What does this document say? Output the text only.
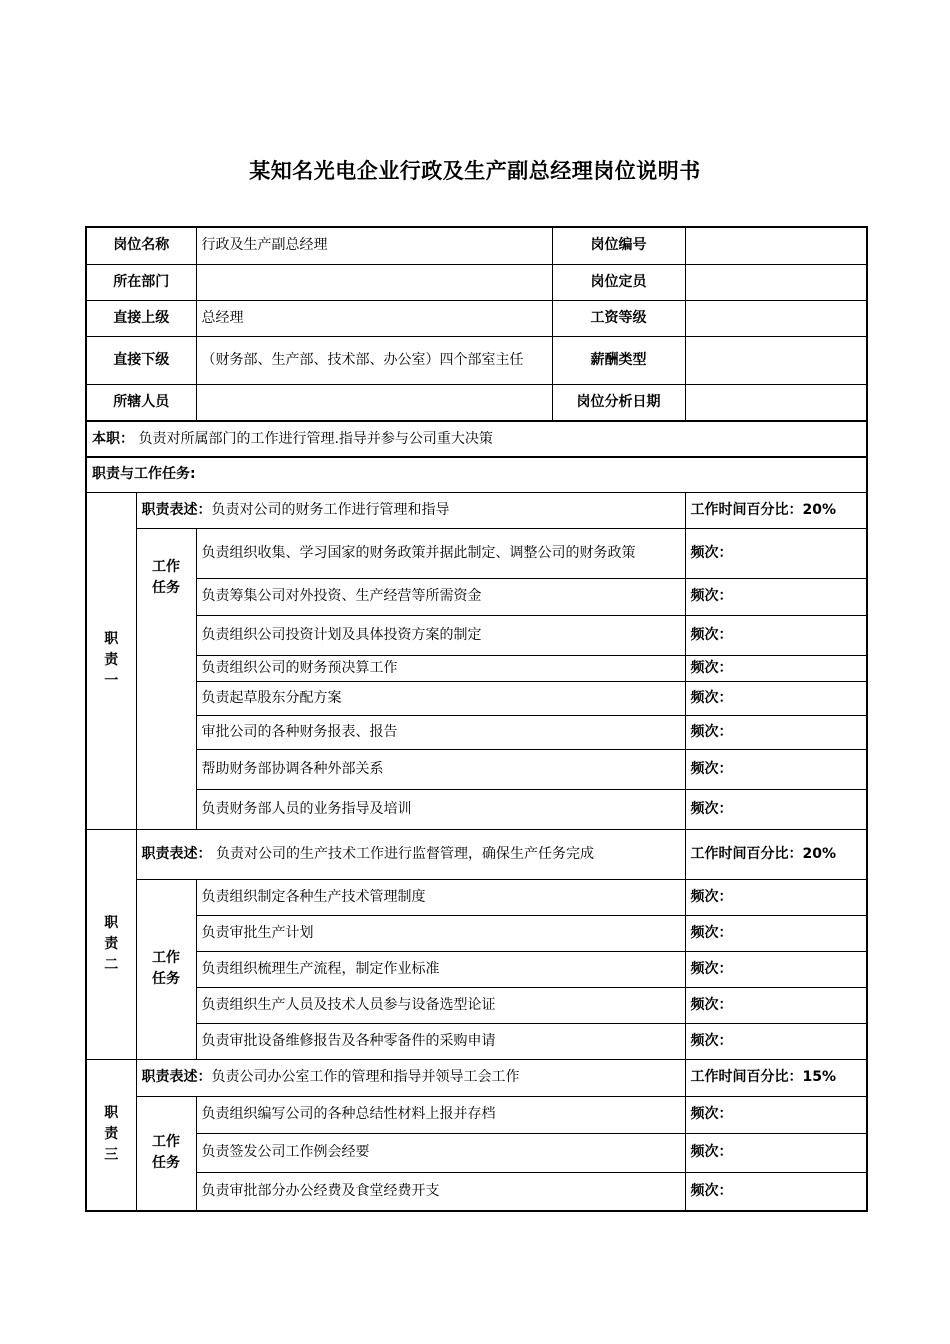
某知名光电企业行政及生产副总经理岗位说明书
岗位名称		行政及生产副总经理	岗位编号	
所在部门			岗位定员	
直接上级		总经理	工资等级	
直接下级		（财务部、生产部、技术部、办公室）四个部室主任	薪酬类型	
所辖人员			岗位分析日期	
本职： 负责对所属部门的工作进行管理.指导并参与公司重大决策				
职责与工作任务:				
职
责
一	职责表述：负责对公司的财务工作进行管理和指导			工作时间百分比：20%
	工作
任务	负责组织收集、学习国家的财务政策并据此制定、调整公司的财务政策		频次：
		负责筹集公司对外投资、生产经营等所需资金		频次：
		负责组织公司投资计划及具体投资方案的制定		频次：
		负责组织公司的财务预决算工作		频次：
		负责起草股东分配方案		频次：
		审批公司的各种财务报表、报告		频次：
		帮助财务部协调各种外部关系		频次：
		负责财务部人员的业务指导及培训		频次：
职
责
二	职责表述： 负责对公司的生产技术工作进行监督管理，确保生产任务完成			工作时间百分比：20%
	工作
任务	负责组织制定各种生产技术管理制度		频次：
		负责审批生产计划		频次：
		负责组织梳理生产流程，制定作业标准		频次：
		负责组织生产人员及技术人员参与设备选型论证		频次：
		负责审批设备维修报告及各种零备件的采购申请		频次：
职
责
三	职责表述：负责公司办公室工作的管理和指导并领导工会工作			工作时间百分比：15%
	工作
任务	负责组织编写公司的各种总结性材料上报并存档		频次：
		负责签发公司工作例会经要		频次：
		负责审批部分办公经费及食堂经费开支		频次：
